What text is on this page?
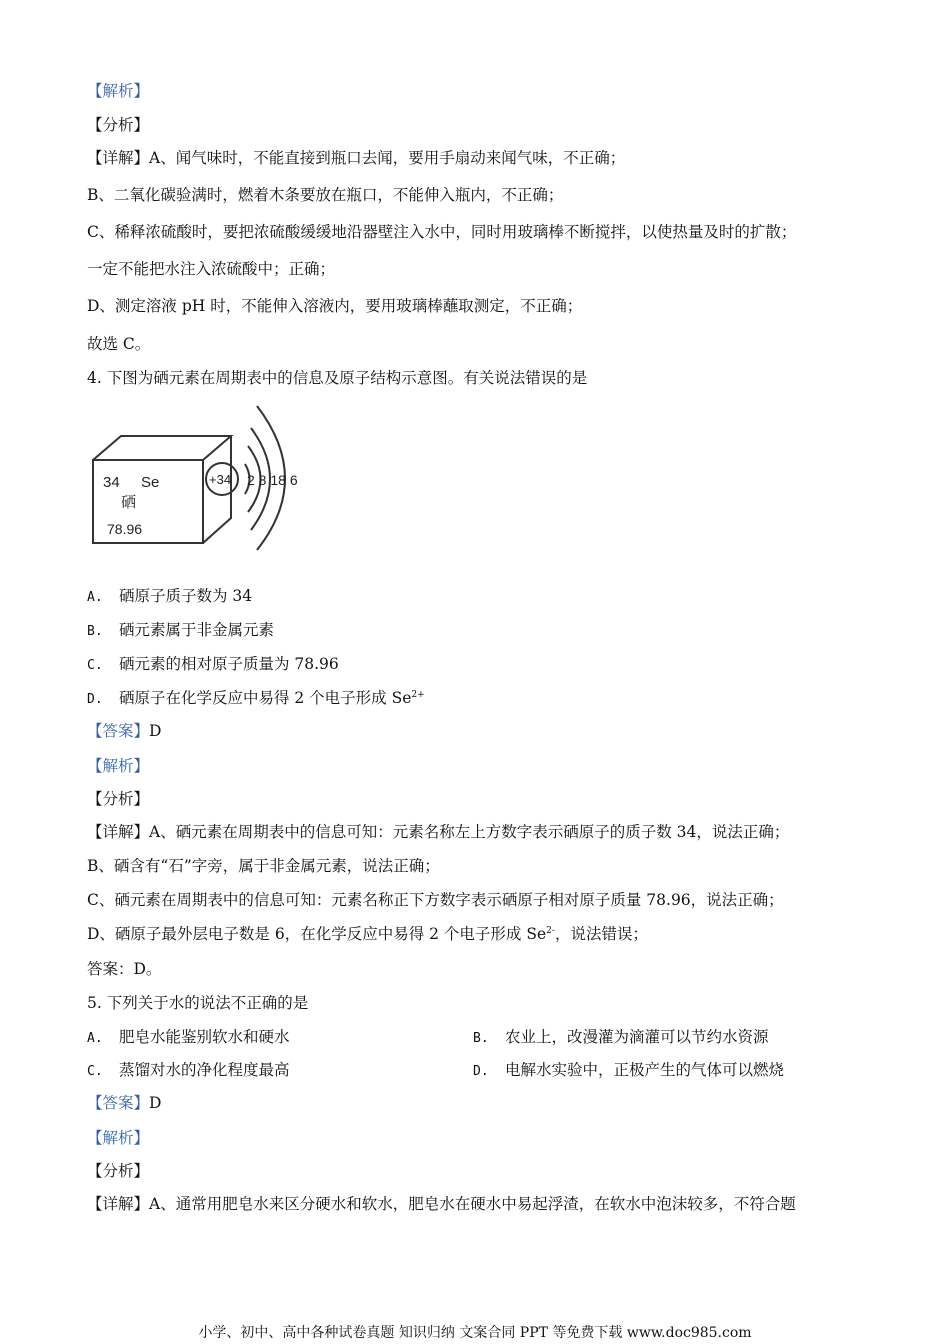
【解析】
【分析】
【详解】A、闻气味时，不能直接到瓶口去闻，要用手扇动来闻气味，不正确；
B、二氧化碳验满时，燃着木条要放在瓶口，不能伸入瓶内，不正确；
C、稀释浓硫酸时，要把浓硫酸缓缓地沿器壁注入水中，同时用玻璃棒不断搅拌，以使热量及时的扩散；
一定不能把水注入浓硫酸中；正确；
D、测定溶液 pH 时，不能伸入溶液内，要用玻璃棒蘸取测定，不正确；
故选 C。
4. 下图为硒元素在周期表中的信息及原子结构示意图。有关说法错误的是
34 Se
硒
78.96
+34 2 8 18 6
A. 硒原子质子数为 34
B. 硒元素属于非金属元素
C. 硒元素的相对原子质量为 78.96
D. 硒原子在化学反应中易得 2 个电子形成 $Se^{2+}$
【答案】D
【解析】
【分析】
【详解】A、硒元素在周期表中的信息可知：元素名称左上方数字表示硒原子的质子数 34，说法正确；
B、硒含有“石”字旁，属于非金属元素，说法正确；
C、硒元素在周期表中的信息可知：元素名称正下方数字表示硒原子相对原子质量 78.96，说法正确；
D、硒原子最外层电子数是 6，在化学反应中易得 2 个电子形成 $Se^{2-}$，说法错误；
答案：D。
5. 下列关于水的说法不正确的是
A. 肥皂水能鉴别软水和硬水	B. 农业上，改漫灌为滴灌可以节约水资源
C. 蒸馏对水的净化程度最高	D. 电解水实验中，正极产生的气体可以燃烧
【答案】D
【解析】
【分析】
【详解】A、通常用肥皂水来区分硬水和软水，肥皂水在硬水中易起浮渣，在软水中泡沫较多，不符合题
小学、初中、高中各种试卷真题 知识归纳 文案合同 PPT 等免费下载 www.doc985.com
